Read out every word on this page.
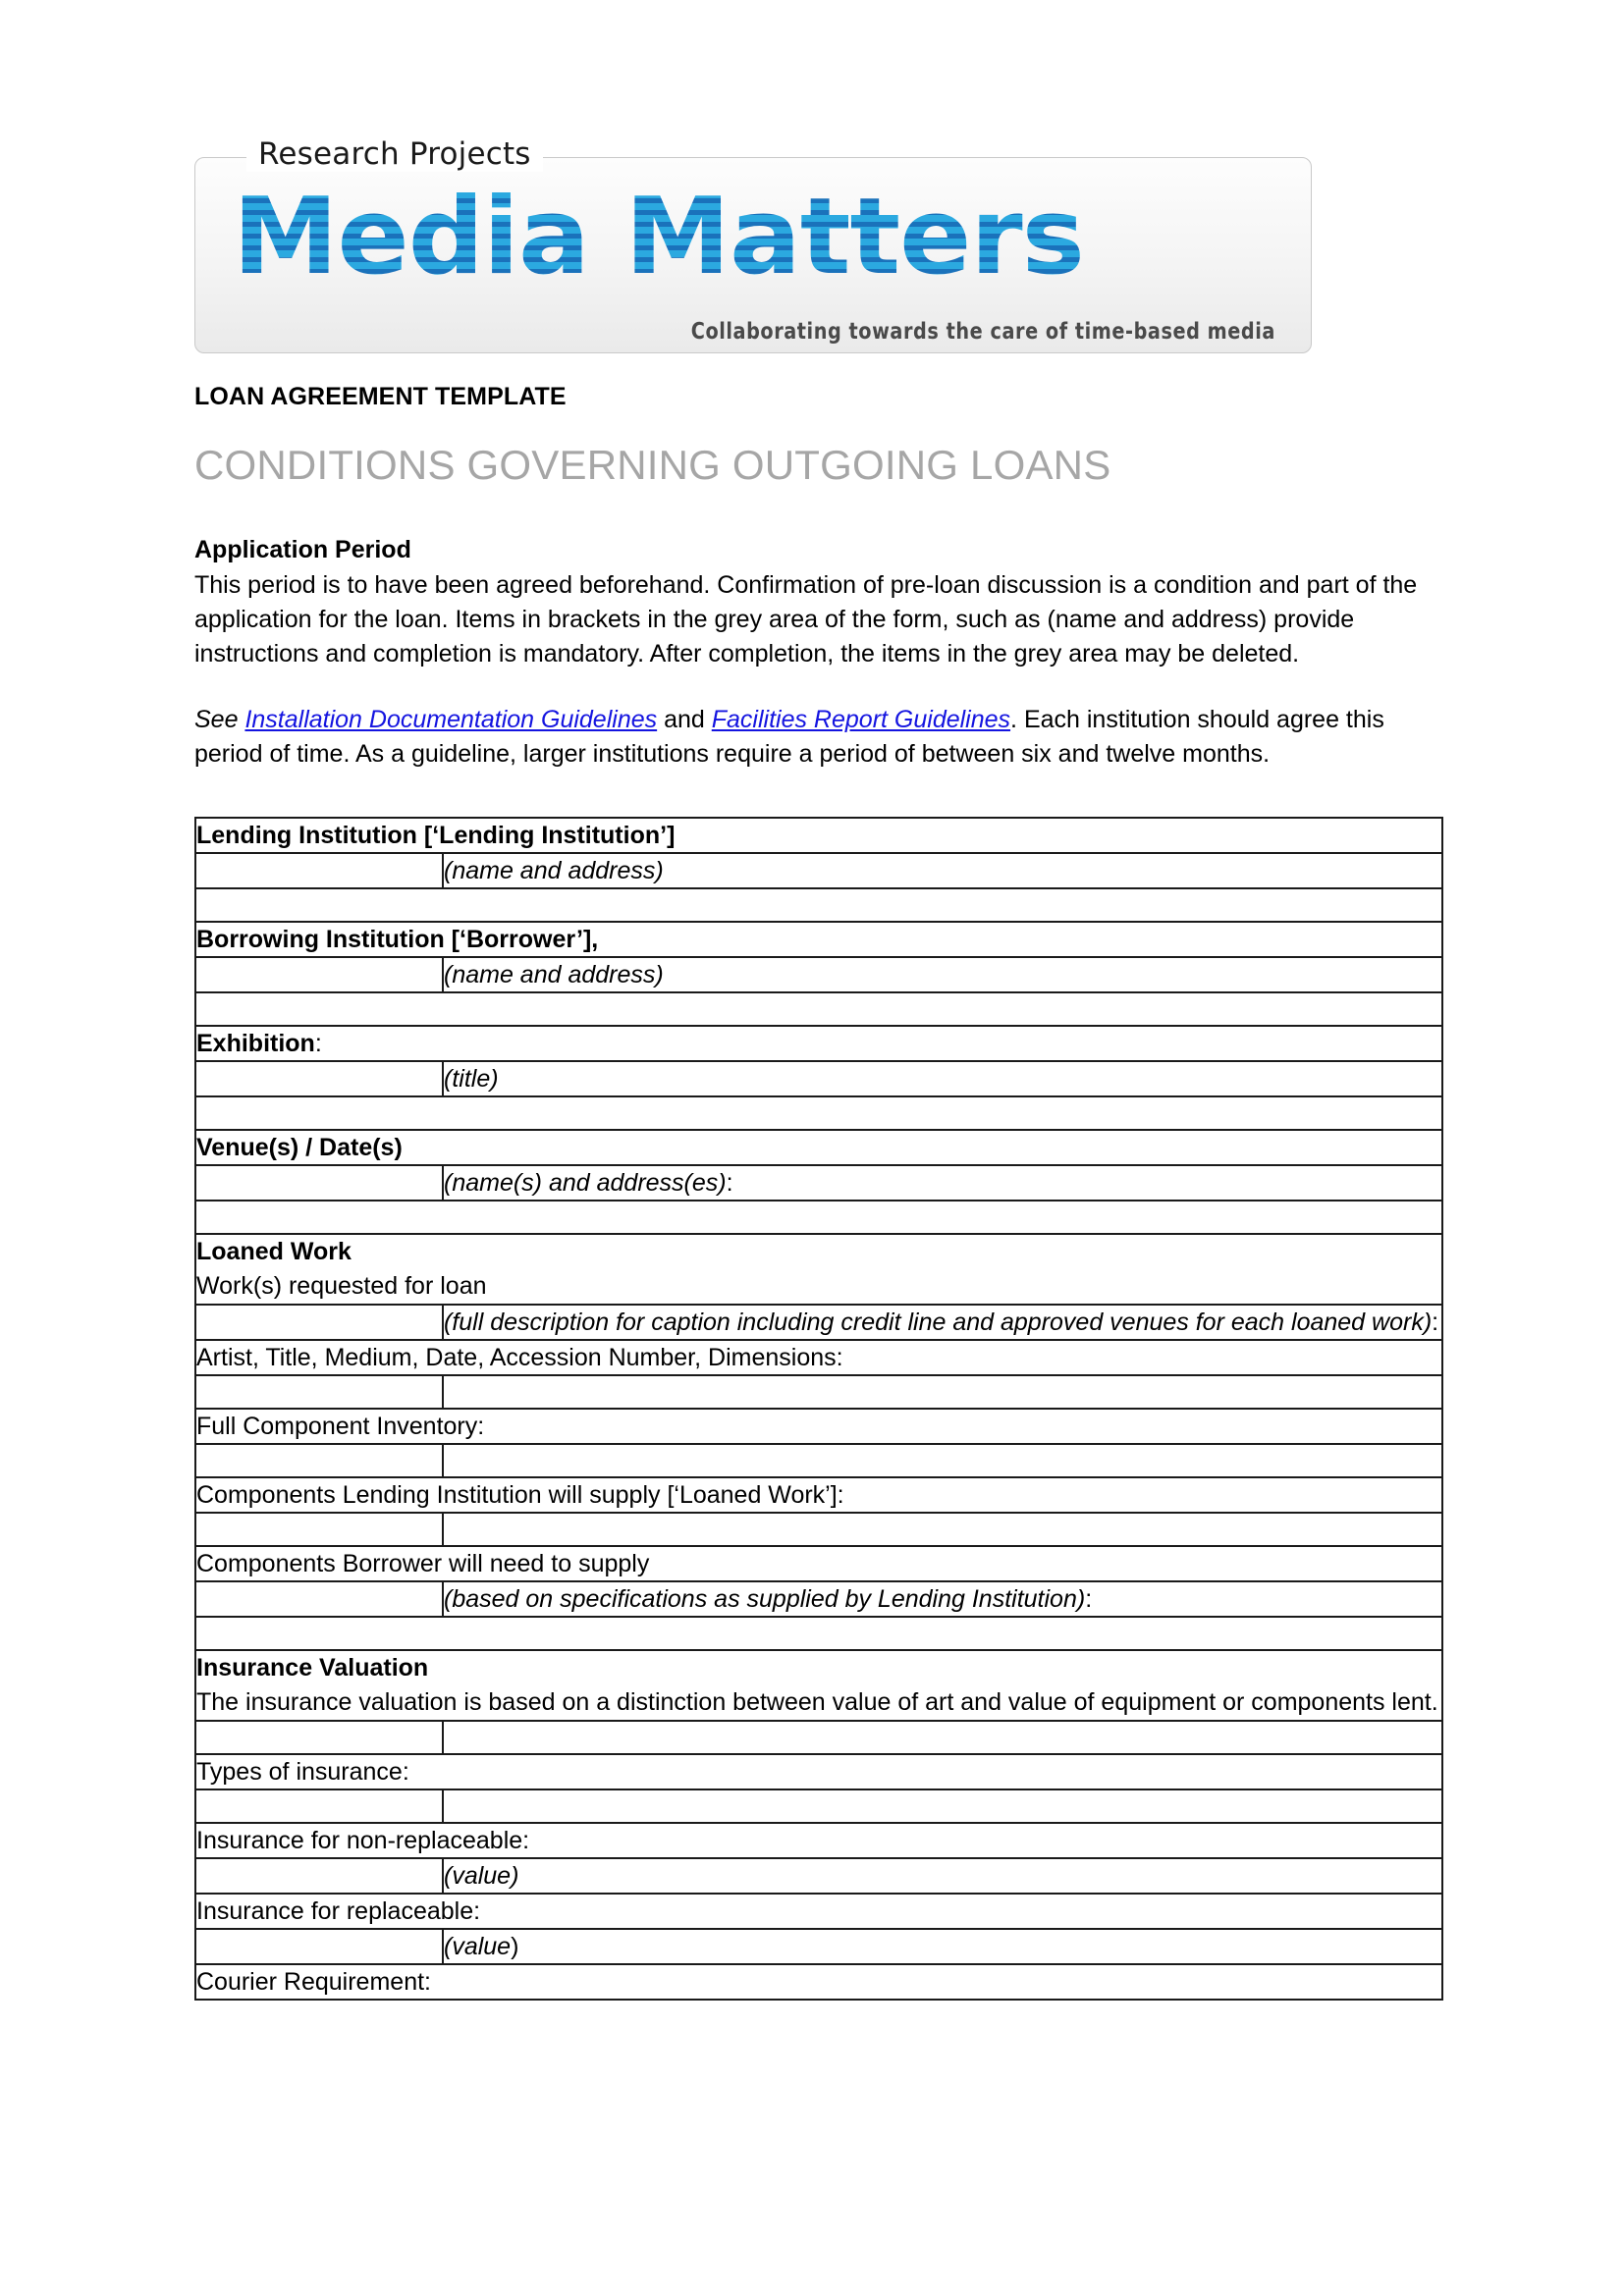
Research Projects
Media Matters
Collaborating towards the care of time-based media
LOAN AGREEMENT TEMPLATE
CONDITIONS GOVERNING OUTGOING LOANS
Application Period

This period is to have been agreed beforehand. Confirmation of pre-loan discussion is a condition and part of the application for the loan. Items in brackets in the grey area of the form, such as (name and address) provide instructions and completion is mandatory. After completion, the items in the grey area may be deleted.

See Installation Documentation Guidelines and Facilities Report Guidelines. Each institution should agree this period of time. As a guideline, larger institutions require a period of between six and twelve months.

Lending Institution [‘Lending Institution’]	
	(name and address)

Borrowing Institution [‘Borrower’],	
	(name and address)

Exhibition:	
	(title)

Venue(s) / Date(s)	
	(name(s) and address(es):

Loaned Work
Work(s) requested for loan	
	(full description for caption including credit line and approved venues for each loaned work):
Artist, Title, Medium, Date, Accession Number, Dimensions:	

Full Component Inventory:	

Components Lending Institution will supply [‘Loaned Work’]:	

Components Borrower will need to supply	
	(based on specifications as supplied by Lending Institution):

Insurance Valuation
The insurance valuation is based on a distinction between value of art and value of equipment or components lent.	

Types of insurance:	

Insurance for non-replaceable:	
	(value)
Insurance for replaceable:	
	(value)
Courier Requirement:	
